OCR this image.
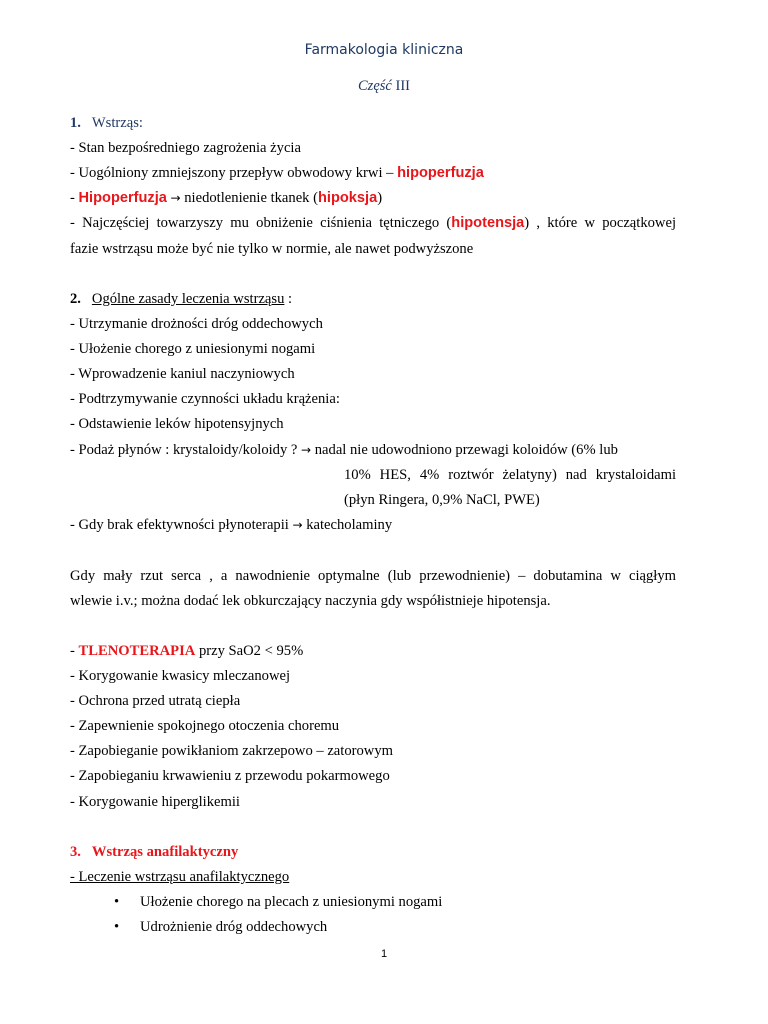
Farmakologia kliniczna
Część III
1. Wstrząs:
- Stan bezpośredniego zagrożenia życia
- Uogólniony zmniejszony przepływ obwodowy krwi – hipoperfuzja
- Hipoperfuzja → niedotlenienie tkanek (hipoksja)
- Najczęściej towarzyszy mu obniżenie ciśnienia tętniczego (hipotensja) , które w początkowej
fazie wstrząsu może być nie tylko w normie, ale nawet podwyższone
2. Ogólne zasady leczenia wstrząsu :
- Utrzymanie drożności dróg oddechowych
- Ułożenie chorego z uniesionymi nogami
- Wprowadzenie kaniul naczyniowych
- Podtrzymywanie czynności układu krążenia:
- Odstawienie leków hipotensyjnych
- Podaż płynów : krystaloidy/koloidy ? → nadal nie udowodniono przewagi koloidów (6% lub
10% HES, 4% roztwór żelatyny) nad krystaloidami
(płyn Ringera, 0,9% NaCl, PWE)
- Gdy brak efektywności płynoterapii → katecholaminy
Gdy mały rzut serca , a nawodnienie optymalne (lub przewodnienie) – dobutamina w ciągłym
wlewie i.v.; można dodać lek obkurczający naczynia gdy współistnieje hipotensja.
- TLENOTERAPIA przy SaO2 < 95%
- Korygowanie kwasicy mleczanowej
- Ochrona przed utratą ciepła
- Zapewnienie spokojnego otoczenia choremu
- Zapobieganie powikłaniom zakrzepowo – zatorowym
- Zapobieganiu krwawieniu z przewodu pokarmowego
- Korygowanie hiperglikemii
3. Wstrząs anafilaktyczny
- Leczenie wstrząsu anafilaktycznego
• Ułożenie chorego na plecach z uniesionymi nogami
• Udrożnienie dróg oddechowych
1
